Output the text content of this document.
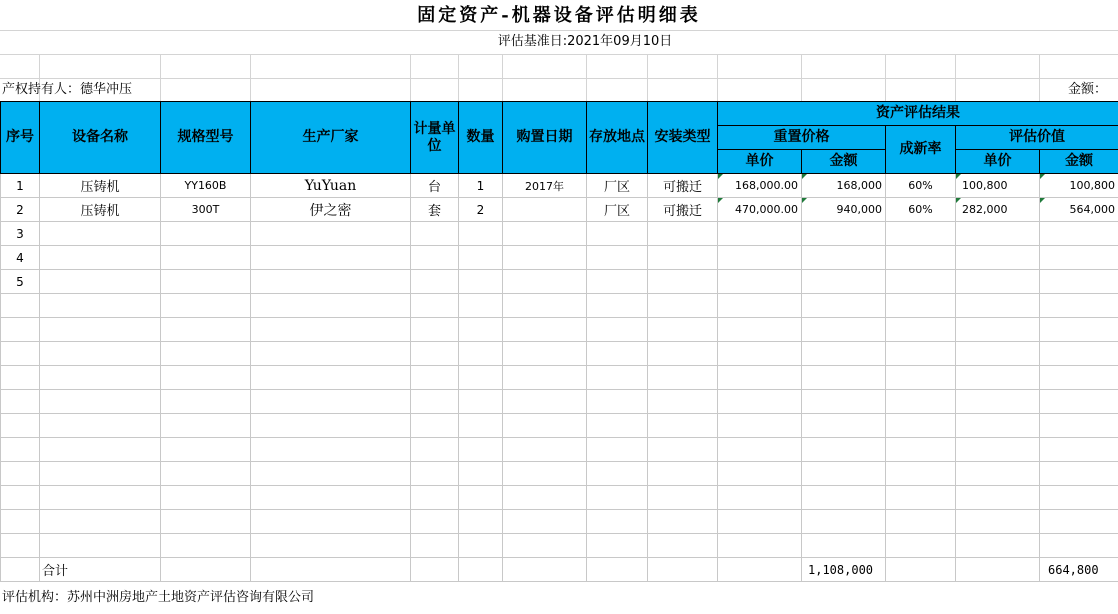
固定资产-机器设备评估明细表
评估基准日:2021年09月10日
产权持有人：德华冲压	金额：
序号	设备名称	规格型号	生产厂家	计量单位	数量	购置日期	存放地点	安装类型	资产评估结果				
									重置价格		成新率	评估价值	
									单价	金额		单价	金额
1	压铸机	YY160B	YuYuan	台	1	2017年	厂区	可搬迁	168,000.00	168,000	60%	100,800	100,800
2	压铸机	300T	伊之密	套	2		厂区	可搬迁	470,000.00	940,000	60%	282,000	564,000
3													
4													
5													

	合计									1,108,000			664,800
评估机构：苏州中洲房地产土地资产评估咨询有限公司
